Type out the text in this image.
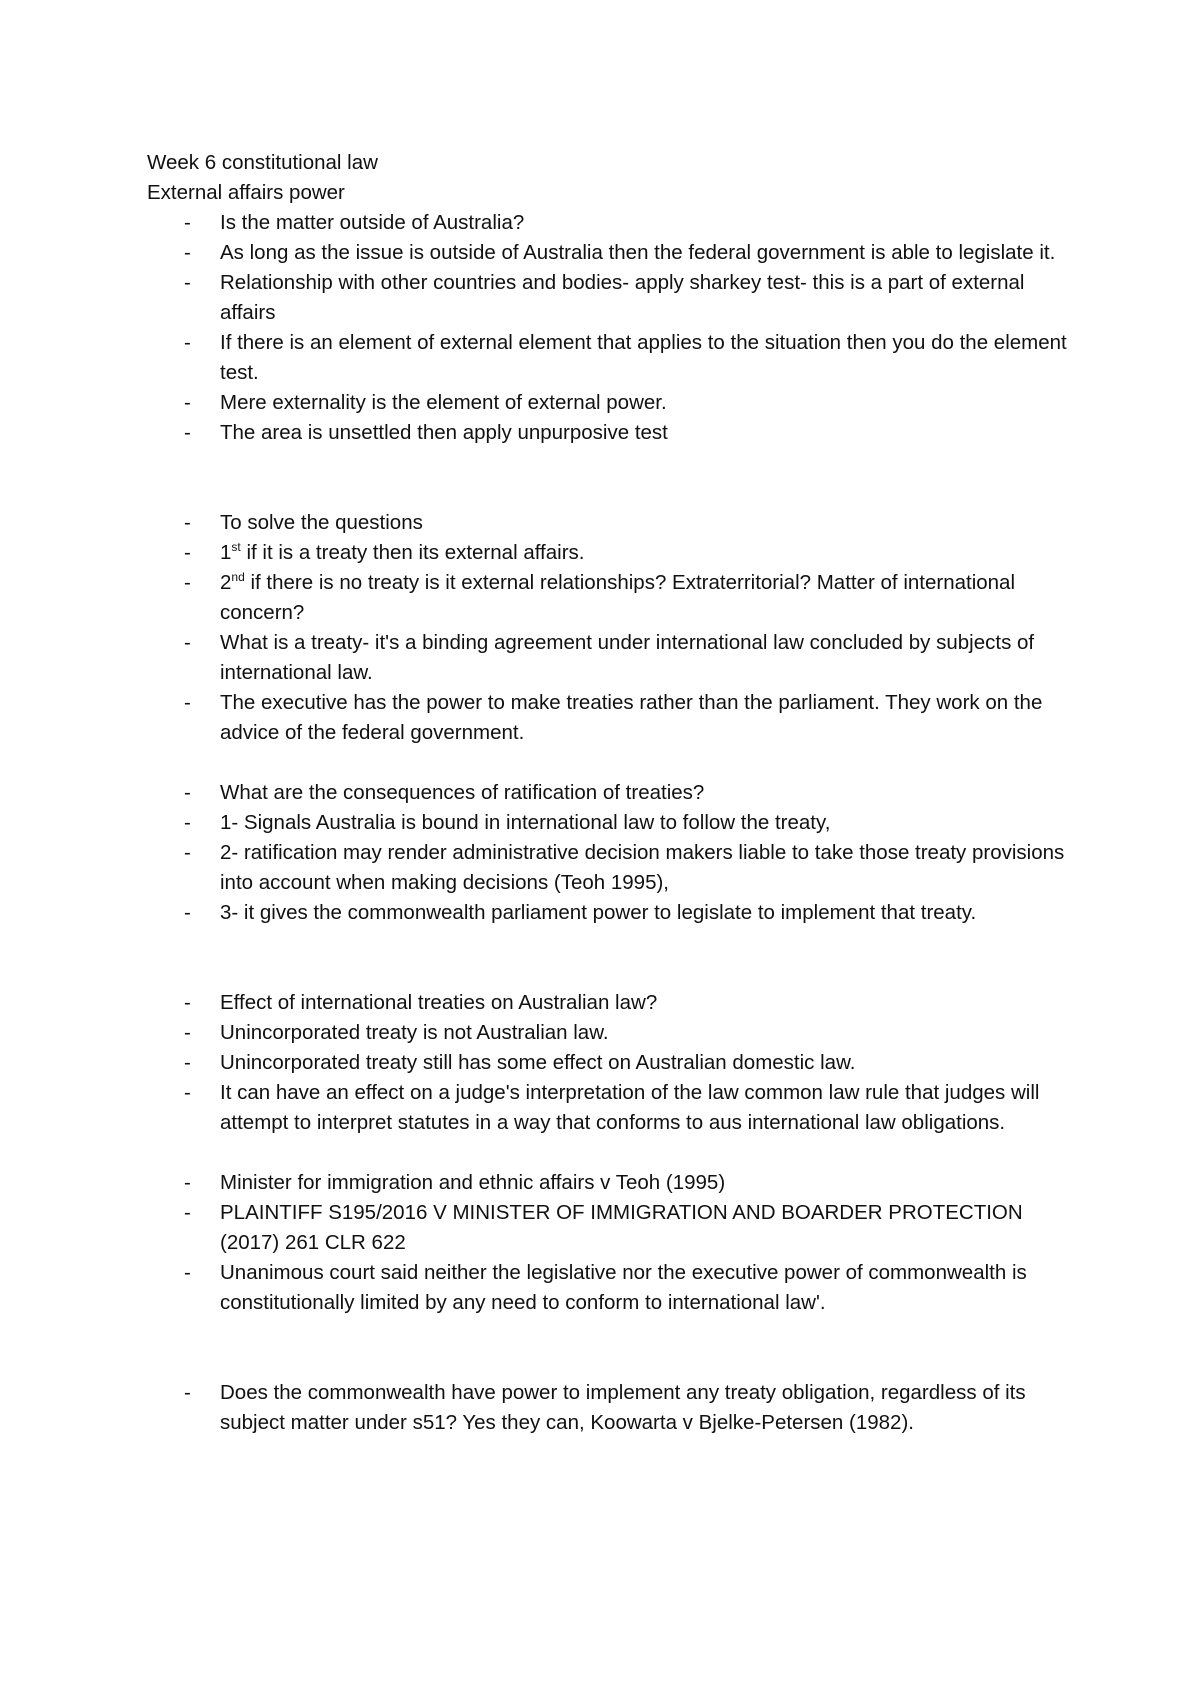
Week 6 constitutional law

External affairs power

- Is the matter outside of Australia?
- As long as the issue is outside of Australia then the federal government is able to legislate it.
- Relationship with other countries and bodies- apply sharkey test- this is a part of external affairs
- If there is an element of external element that applies to the situation then you do the element test.
- Mere externality is the element of external power.
- The area is unsettled then apply unpurposive test
- To solve the questions
- 1st if it is a treaty then its external affairs.
- 2nd if there is no treaty is it external relationships? Extraterritorial? Matter of international concern?
- What is a treaty- it's a binding agreement under international law concluded by subjects of international law.
- The executive has the power to make treaties rather than the parliament. They work on the advice of the federal government.
- What are the consequences of ratification of treaties?
- 1- Signals Australia is bound in international law to follow the treaty,
- 2- ratification may render administrative decision makers liable to take those treaty provisions into account when making decisions (Teoh 1995),
- 3- it gives the commonwealth parliament power to legislate to implement that treaty.
- Effect of international treaties on Australian law?
- Unincorporated treaty is not Australian law.
- Unincorporated treaty still has some effect on Australian domestic law.
- It can have an effect on a judge's interpretation of the law common law rule that judges will attempt to interpret statutes in a way that conforms to aus international law obligations.
- Minister for immigration and ethnic affairs v Teoh (1995)
- PLAINTIFF S195/2016 V MINISTER OF IMMIGRATION AND BOARDER PROTECTION (2017) 261 CLR 622
- Unanimous court said neither the legislative nor the executive power of commonwealth is constitutionally limited by any need to conform to international law'.
- Does the commonwealth have power to implement any treaty obligation, regardless of its subject matter under s51? Yes they can, Koowarta v Bjelke-Petersen (1982).
